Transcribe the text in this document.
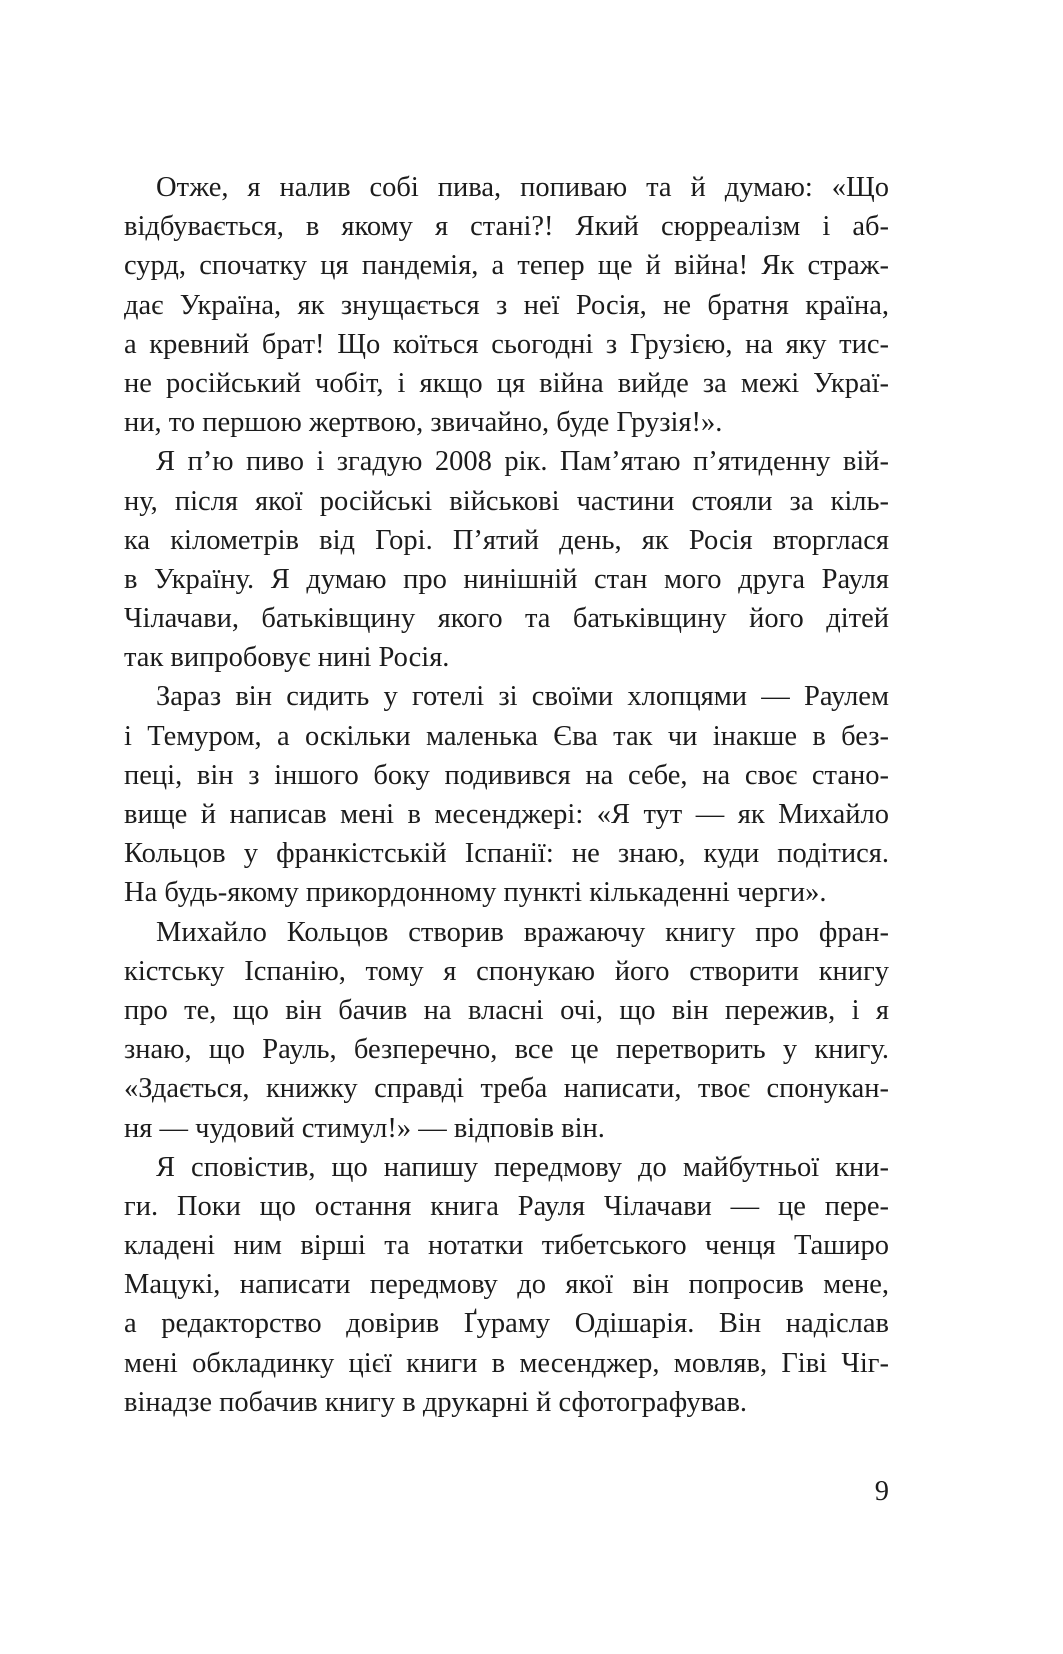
Отже, я налив собі пива, попиваю та й думаю: «Що
відбувається, в якому я стані?! Який сюрреалізм і аб-
сурд, спочатку ця пандемія, а тепер ще й війна! Як страж-
дає Україна, як знущається з неї Росія, не братня країна,
а кревний брат! Що коїться сьогодні з Грузією, на яку тис-
не російський чобіт, і якщо ця війна вийде за межі Украї-
ни, то першою жертвою, звичайно, буде Грузія!».
Я п’ю пиво і згадую 2008 рік. Пам’ятаю п’ятиденну вій-
ну, після якої російські військові частини стояли за кіль-
ка кілометрів від Горі. П’ятий день, як Росія вторглася
в Україну. Я думаю про нинішній стан мого друга Рауля
Чілачави, батьківщину якого та батьківщину його дітей
так випробовує нині Росія.
Зараз він сидить у готелі зі своїми хлопцями — Раулем
і Темуром, а оскільки маленька Єва так чи інакше в без-
пеці, він з іншого боку подивився на себе, на своє стано-
вище й написав мені в месенджері: «Я тут — як Михайло
Кольцов у франкістській Іспанії: не знаю, куди подітися.
На будь-якому прикордонному пункті кількаденні черги».
Михайло Кольцов створив вражаючу книгу про фран-
кістську Іспанію, тому я спонукаю його створити книгу
про те, що він бачив на власні очі, що він пережив, і я
знаю, що Рауль, безперечно, все це перетворить у книгу.
«Здається, книжку справді треба написати, твоє спонукан-
ня — чудовий стимул!» — відповів він.
Я сповістив, що напишу передмову до майбутньої кни-
ги. Поки що остання книга Рауля Чілачави — це пере-
кладені ним вірші та нотатки тибетського ченця Таширо
Мацукі, написати передмову до якої він попросив мене,
а редакторство довірив Ґураму Одішарія. Він надіслав
мені обкладинку цієї книги в месенджер, мовляв, Гіві Чіг-
вінадзе побачив книгу в друкарні й сфотографував.
9
